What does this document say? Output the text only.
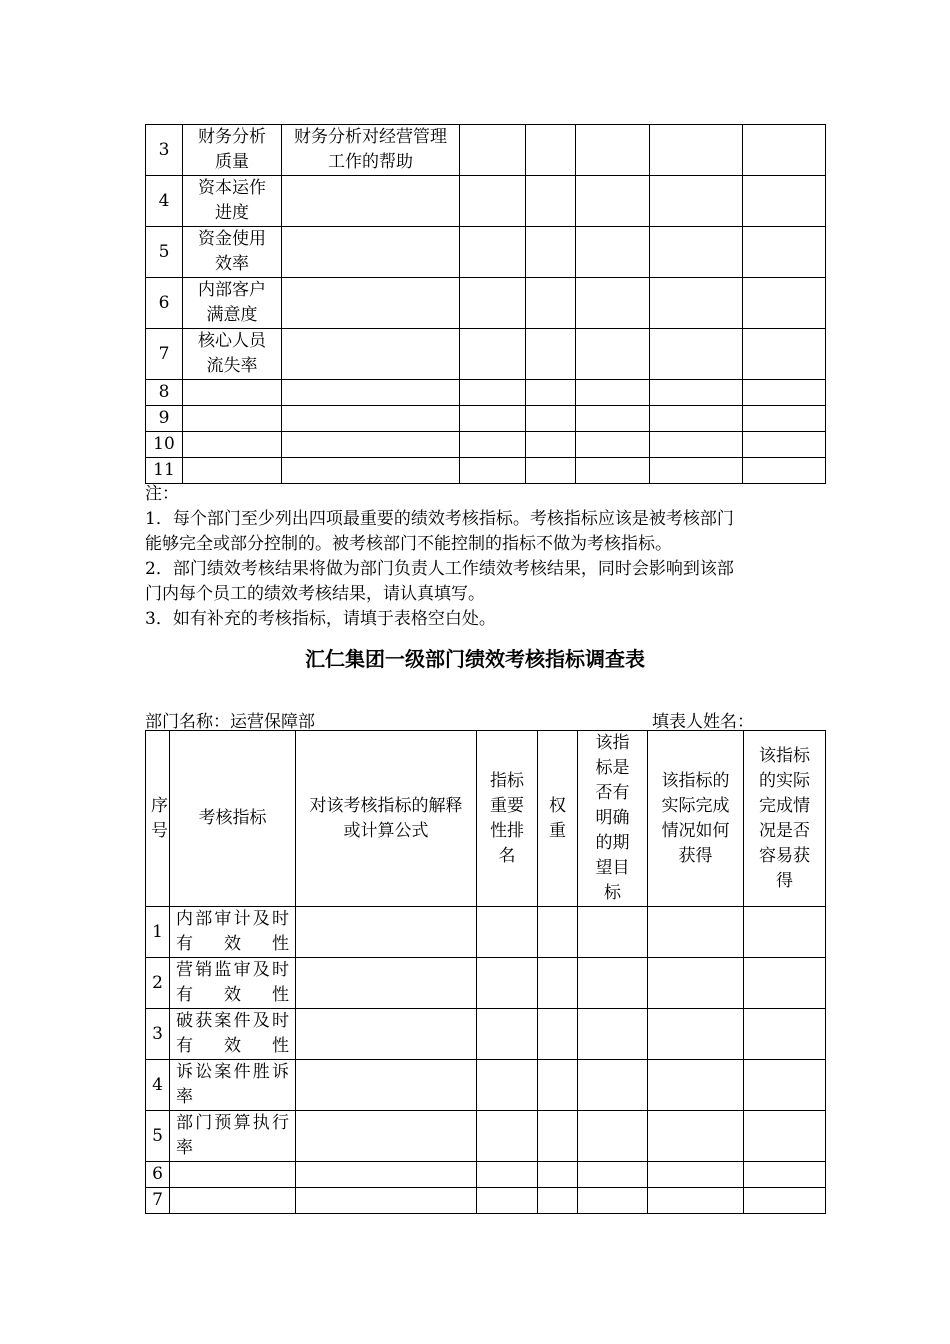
3	财务分析质量	财务分析对经营管理工作的帮助					
4	资本运作进度						
5	资金使用效率						
6	内部客户满意度						
7	核心人员流失率						
8							
9							
10							
11							

注：

1．每个部门至少列出四项最重要的绩效考核指标。考核指标应该是被考核部门

能够完全或部分控制的。被考核部门不能控制的指标不做为考核指标。

2．部门绩效考核结果将做为部门负责人工作绩效考核结果，同时会影响到该部

门内每个员工的绩效考核结果，请认真填写。

3．如有补充的考核指标，请填于表格空白处。

汇仁集团一级部门绩效考核指标调查表
部门名称：运营保障部	填表人姓名：
序号	考核指标	对该考核指标的解释或计算公式	指标重要性排名	权重	该指标是否有明确的期望目标	该指标的实际完成情况如何获得	该指标的实际完成情况是否容易获得
1	内部审计及时有效性						
2	营销监审及时有效性						
3	破获案件及时有效性						
4	诉讼案件胜诉率						
5	部门预算执行率						
6							
7							
